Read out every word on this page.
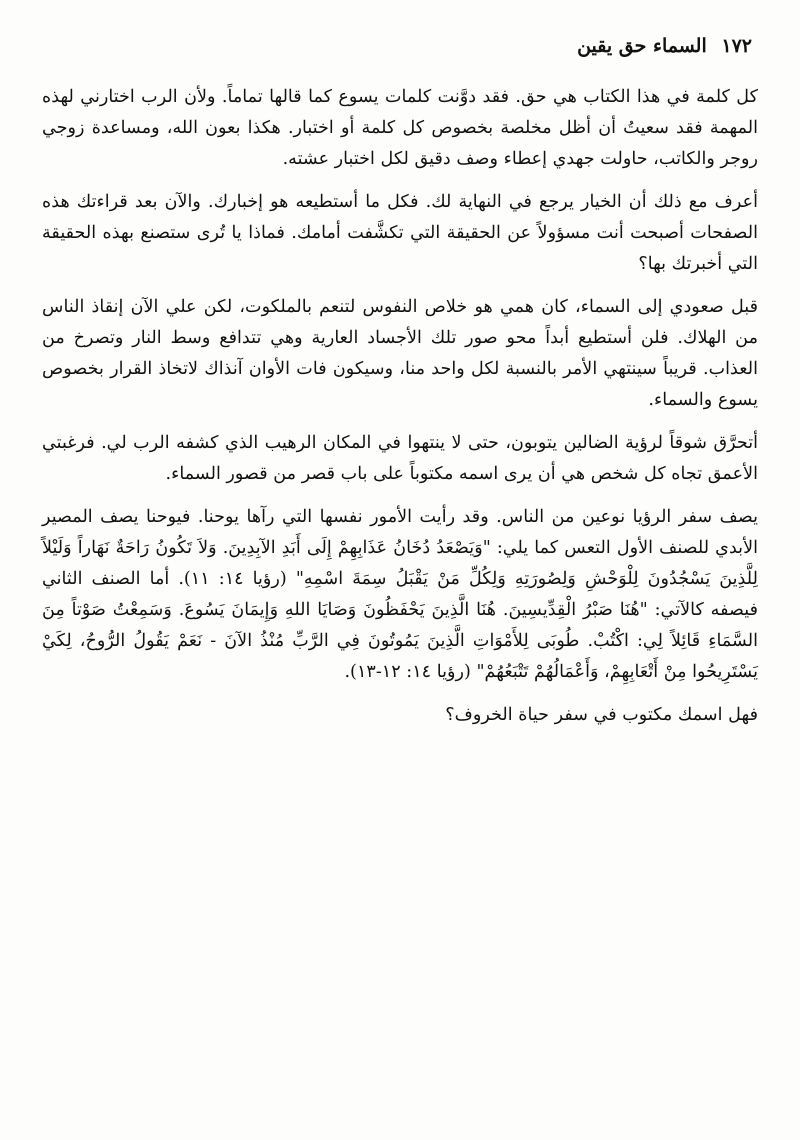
١٧٢ السماء حق يقين

كل كلمة في هذا الكتاب هي حق. فقد دوَّنت كلمات يسوع كما قالها تماماً. ولأن الرب اختارني لهذه المهمة فقد سعيتُ أن أظل مخلصة بخصوص كل كلمة أو اختبار. هكذا بعون الله، ومساعدة زوجي روجر والكاتب، حاولت جهدي إعطاء وصف دقيق لكل اختبار عشته.

أعرف مع ذلك أن الخيار يرجع في النهاية لك. فكل ما أستطيعه هو إخبارك. والآن بعد قراءتك هذه الصفحات أصبحت أنت مسؤولاً عن الحقيقة التي تكشَّفت أمامك. فماذا يا تُرى ستصنع بهذه الحقيقة التي أخبرتك بها؟

قبل صعودي إلى السماء، كان همي هو خلاص النفوس لتنعم بالملكوت، لكن علي الآن إنقاذ الناس من الهلاك. فلن أستطيع أبداً محو صور تلك الأجساد العارية وهي تتدافع وسط النار وتصرخ من العذاب. قريباً سينتهي الأمر بالنسبة لكل واحد منا، وسيكون فات الأوان آنذاك لاتخاذ القرار بخصوص يسوع والسماء.

أتحرَّق شوقاً لرؤية الضالين يتوبون، حتى لا ينتهوا في المكان الرهيب الذي كشفه الرب لي. فرغبتي الأعمق تجاه كل شخص هي أن يرى اسمه مكتوباً على باب قصر من قصور السماء.

يصف سفر الرؤيا نوعين من الناس. وقد رأيت الأمور نفسها التي رآها يوحنا. فيوحنا يصف المصير الأبدي للصنف الأول التعس كما يلي: "وَيَصْعَدُ دُخَانُ عَذَابِهِمْ إِلَى أَبَدِ الآبِدِينَ. وَلاَ تَكُونُ رَاحَةٌ نَهَاراً وَلَيْلاً لِلَّذِينَ يَسْجُدُونَ لِلْوَحْشِ وَلِصُورَتِهِ وَلِكُلِّ مَنْ يَقْبَلُ سِمَةَ اسْمِهِ" (رؤيا ١٤: ١١). أما الصنف الثاني فيصفه كالآتي: "هُنَا صَبْرُ الْقِدِّيسِينَ. هُنَا الَّذِينَ يَحْفَظُونَ وَصَايَا اللهِ وَإِيمَانَ يَسُوعَ. وَسَمِعْتُ صَوْتاً مِنَ السَّمَاءِ قَائِلاً لِي: اكْتُبْ. طُوبَى لِلأَمْوَاتِ الَّذِينَ يَمُوتُونَ فِي الرَّبِّ مُنْذُ الآنَ - نَعَمْ يَقُولُ الرُّوحُ، لِكَيْ يَسْتَرِيحُوا مِنْ أَتْعَابِهِمْ، وَأَعْمَالُهُمْ تَتْبَعُهُمْ" (رؤيا ١٤: ١٢-١٣).

فهل اسمك مكتوب في سفر حياة الخروف؟
